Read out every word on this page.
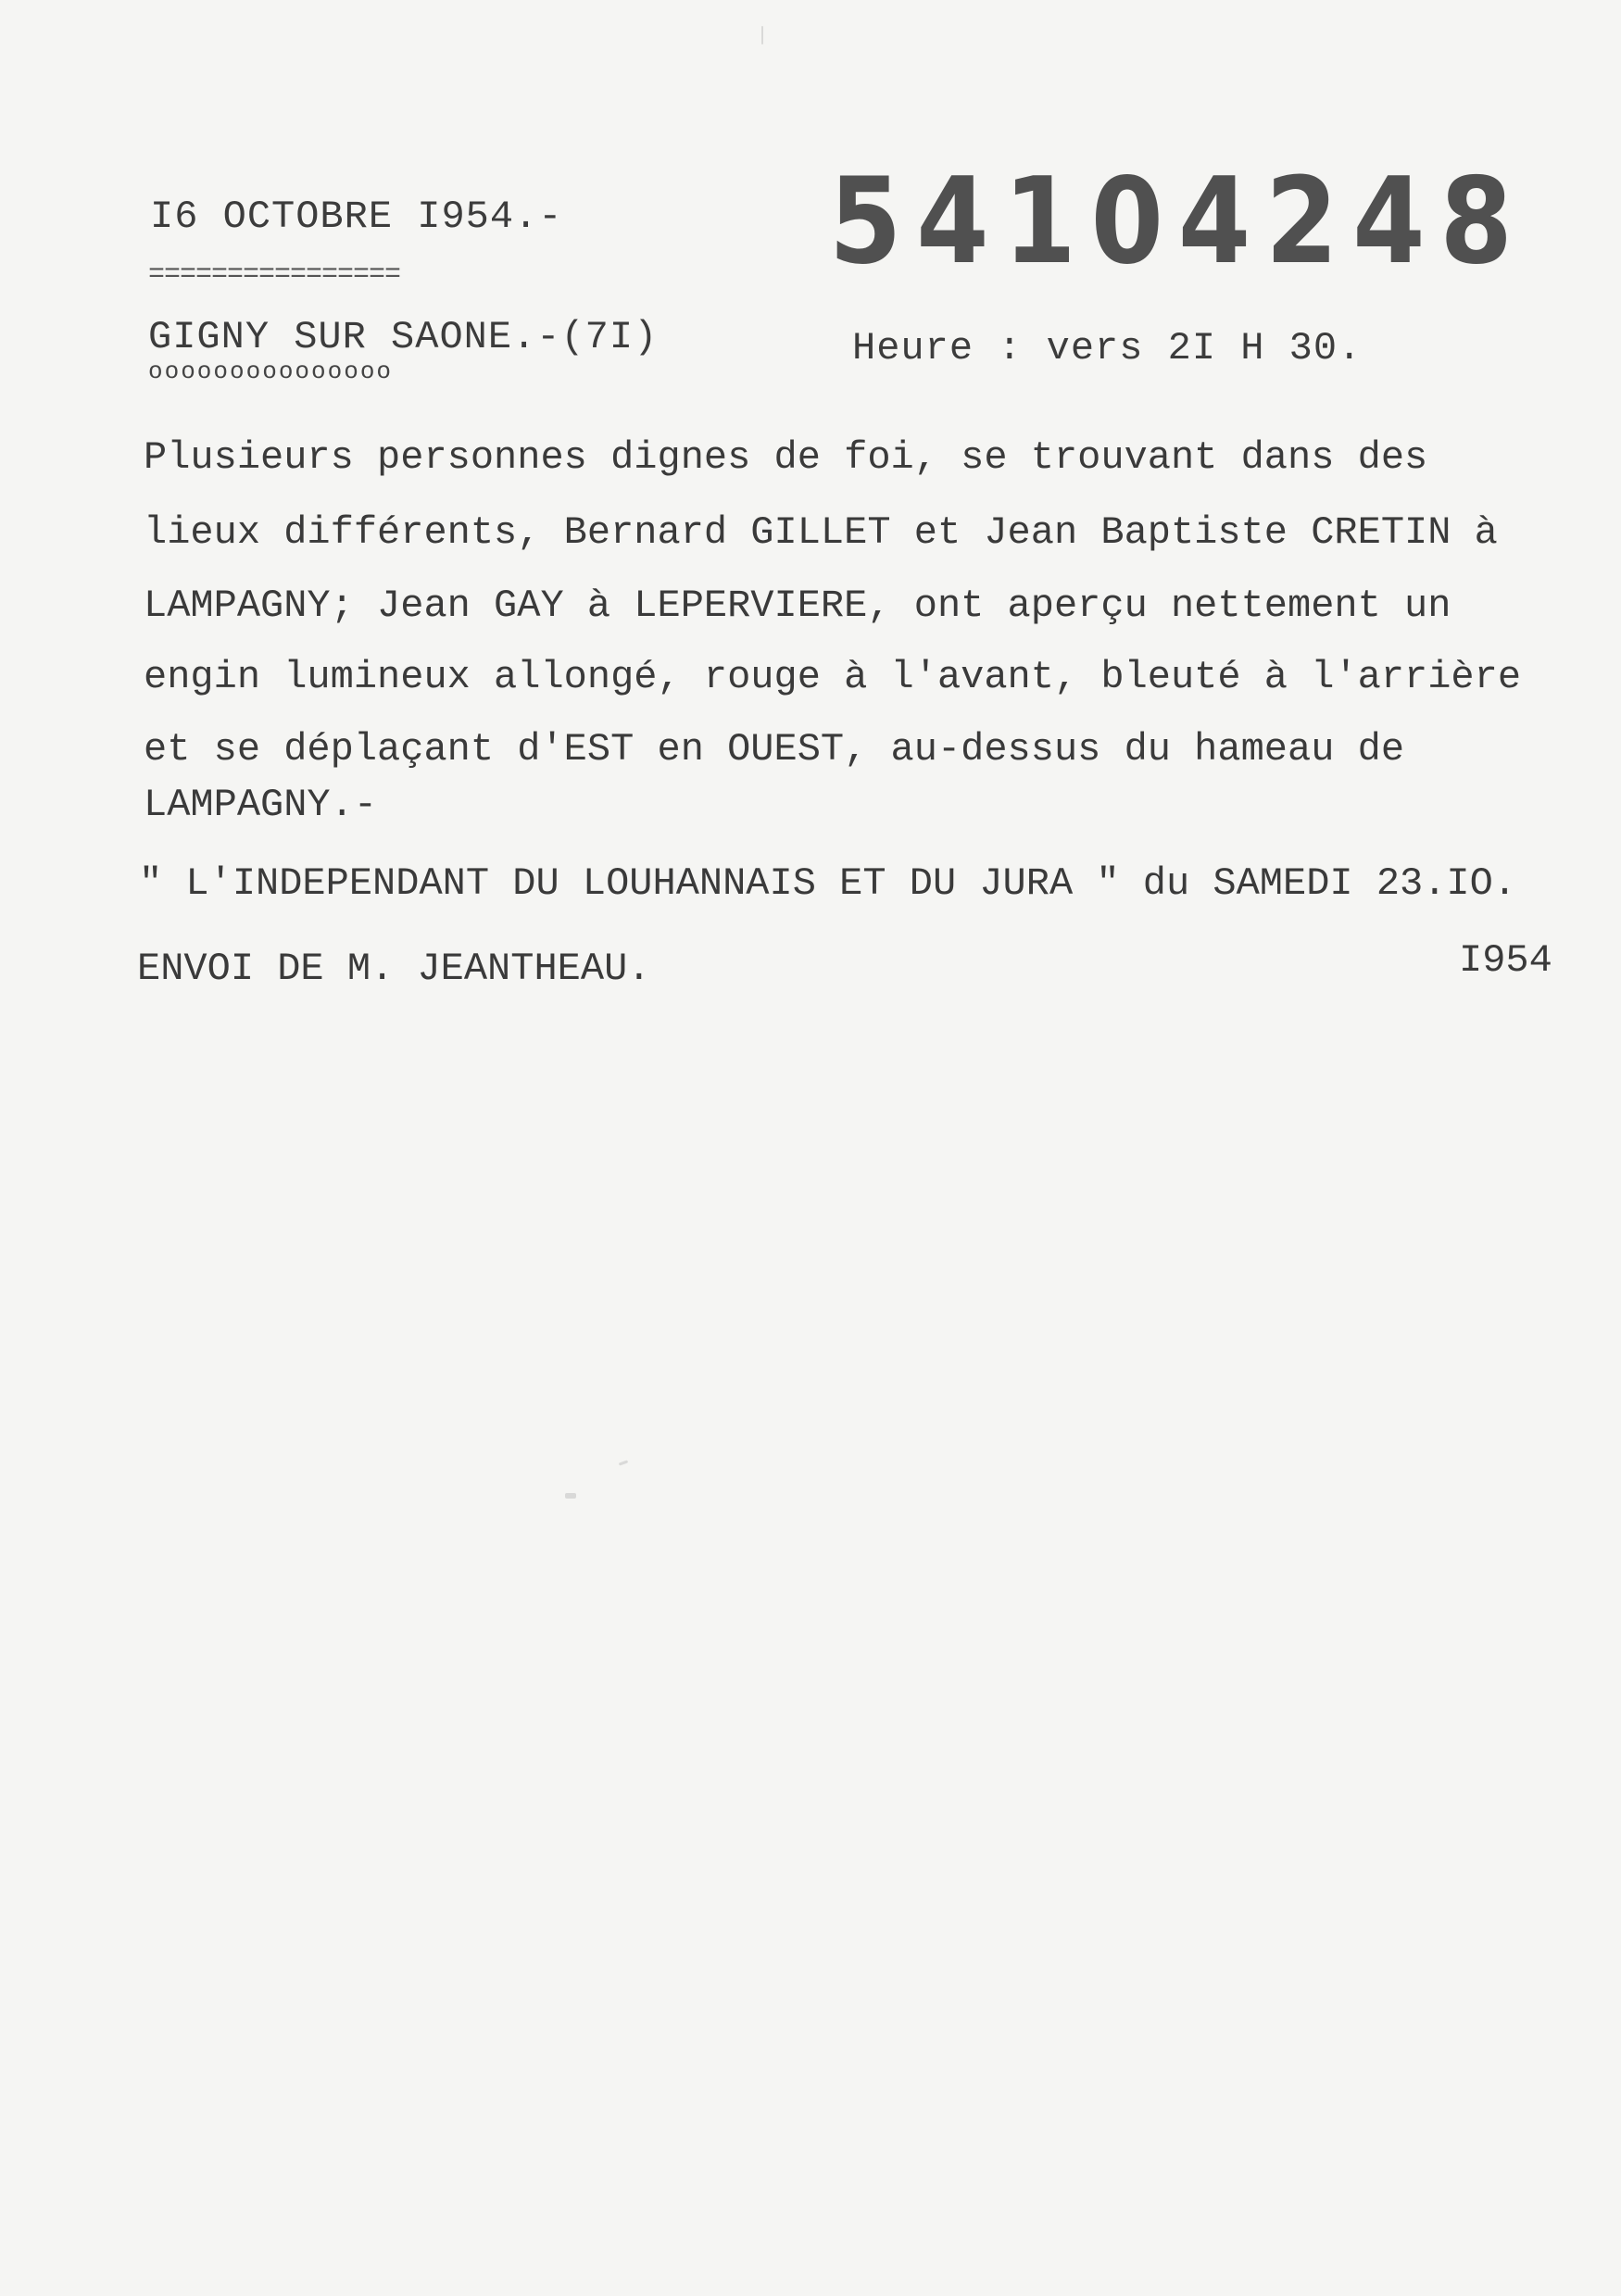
I6 OCTOBRE I954.-
================	54104248
GIGNY SUR SAONE.-(7I)
ooooooooooooooo
Heure : vers 2I H 30.
Plusieurs personnes dignes de foi, se trouvant dans des
lieux différents, Bernard GILLET et Jean Baptiste CRETIN à
LAMPAGNY; Jean GAY à LEPERVIERE, ont aperçu nettement un
engin lumineux allongé, rouge à l'avant, bleuté à l'arrière
et se déplaçant d'EST en OUEST, au-dessus du hameau de
LAMPAGNY.-
" L'INDEPENDANT DU LOUHANNAIS ET DU JURA " du SAMEDI 23.IO.
ENVOI DE M. JEANTHEAU.	I954
